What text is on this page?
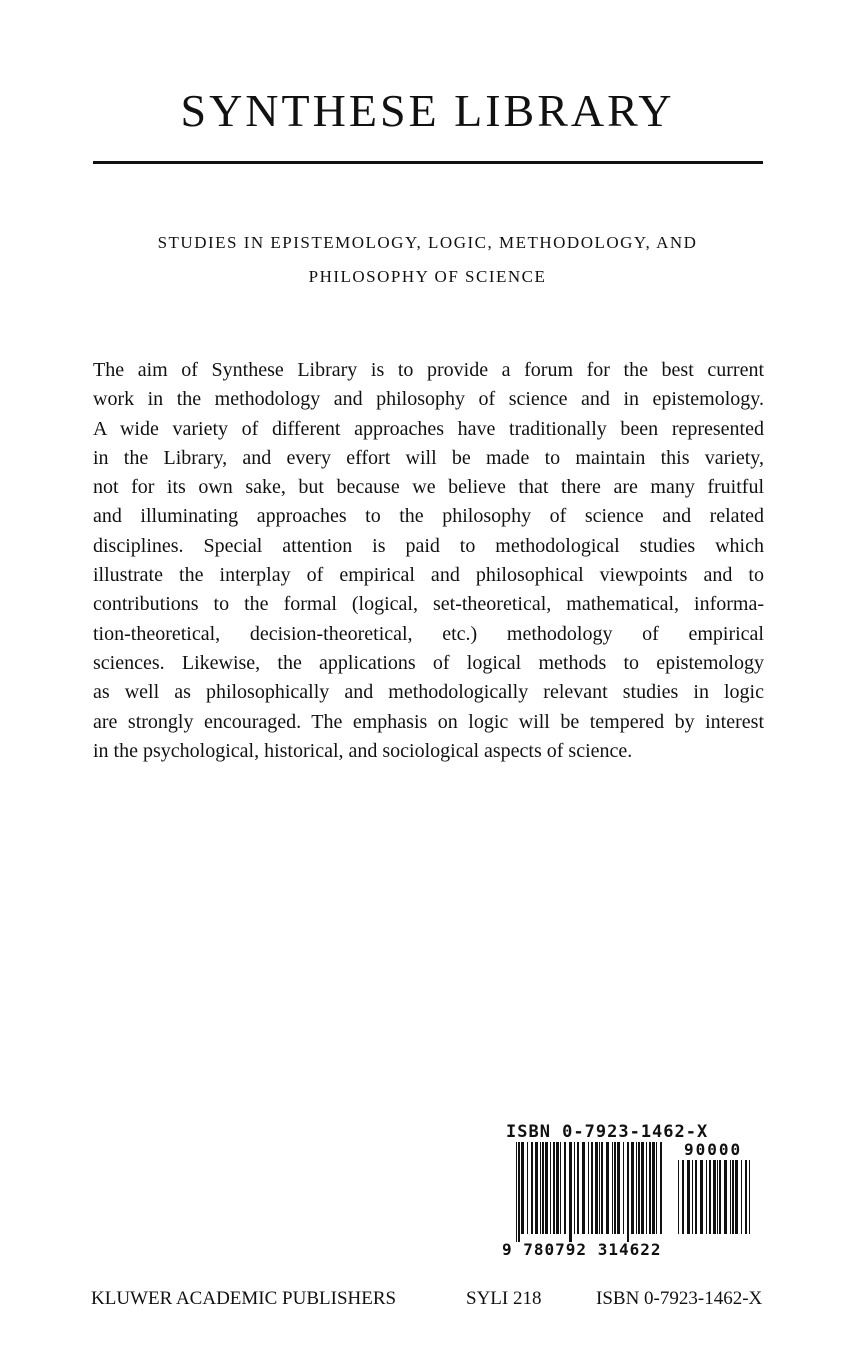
SYNTHESE LIBRARY
STUDIES IN EPISTEMOLOGY, LOGIC, METHODOLOGY, AND
PHILOSOPHY OF SCIENCE

The aim of Synthese Library is to provide a forum for the best current
work in the methodology and philosophy of science and in epistemology.
A wide variety of different approaches have traditionally been represented
in the Library, and every effort will be made to maintain this variety,
not for its own sake, but because we believe that there are many fruitful
and illuminating approaches to the philosophy of science and related
disciplines. Special attention is paid to methodological studies which
illustrate the interplay of empirical and philosophical viewpoints and to
contributions to the formal (logical, set-theoretical, mathematical, informa-
tion-theoretical, decision-theoretical, etc.) methodology of empirical
sciences. Likewise, the applications of logical methods to epistemology
as well as philosophically and methodologically relevant studies in logic
are strongly encouraged. The emphasis on logic will be tempered by interest
in the psychological, historical, and sociological aspects of science.

ISBN 0-7923-1462-X
90000
9 780792 314622
KLUWER ACADEMIC PUBLISHERS	SYLI 218	ISBN 0-7923-1462-X
